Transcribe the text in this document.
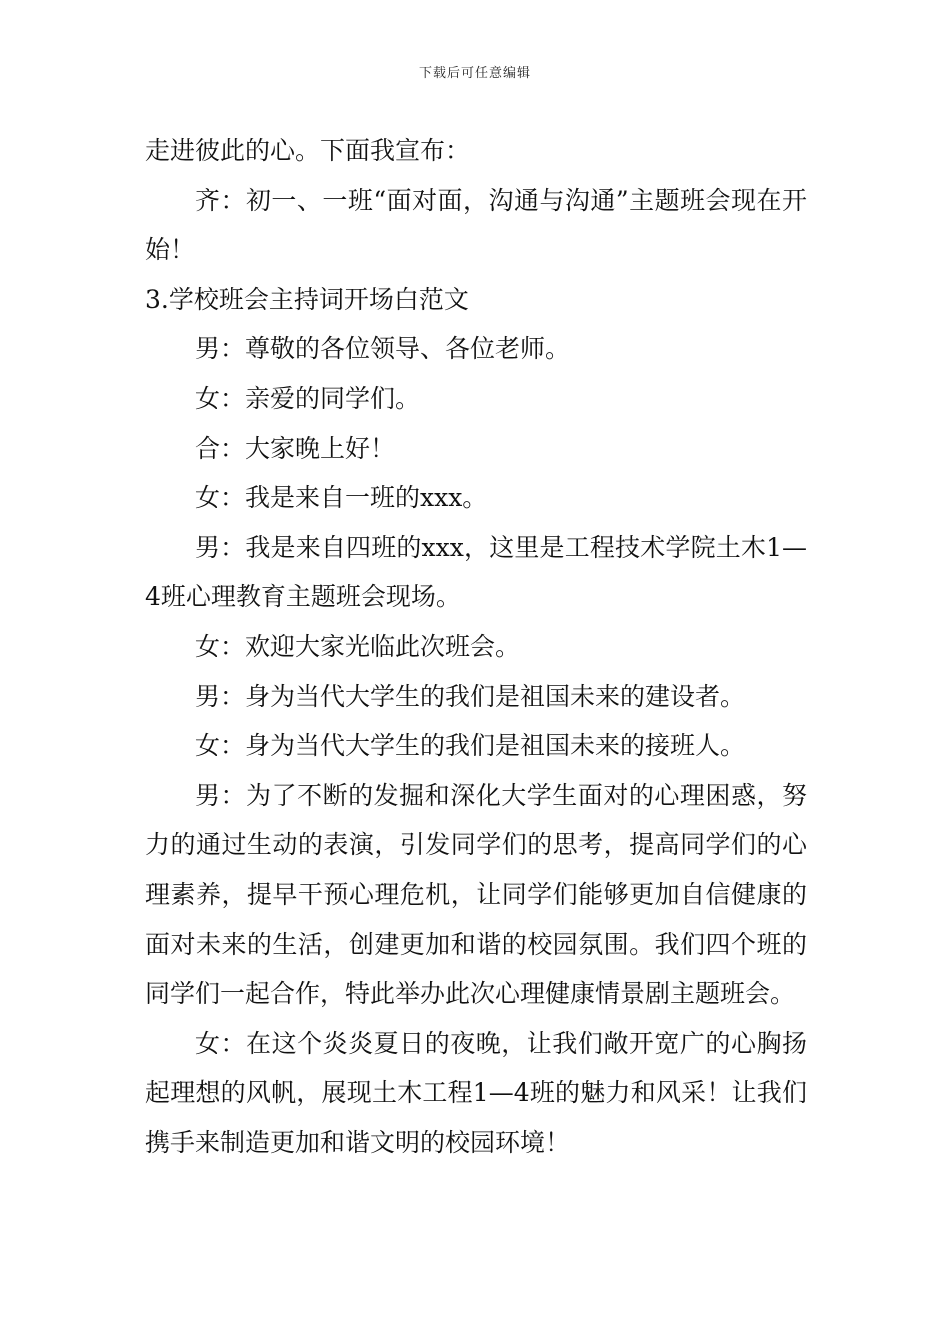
下载后可任意编辑

走进彼此的心。下面我宣布：

齐：初一、一班“面对面，沟通与沟通”主题班会现在开始！

3.学校班会主持词开场白范文

男：尊敬的各位领导、各位老师。

女：亲爱的同学们。

合：大家晚上好！

女：我是来自一班的xxx。

男：我是来自四班的xxx，这里是工程技术学院土木1—4班心理教育主题班会现场。

女：欢迎大家光临此次班会。

男：身为当代大学生的我们是祖国未来的建设者。

女：身为当代大学生的我们是祖国未来的接班人。

男：为了不断的发掘和深化大学生面对的心理困惑，努力的通过生动的表演，引发同学们的思考，提高同学们的心理素养，提早干预心理危机，让同学们能够更加自信健康的面对未来的生活，创建更加和谐的校园氛围。我们四个班的同学们一起合作，特此举办此次心理健康情景剧主题班会。

女：在这个炎炎夏日的夜晚，让我们敞开宽广的心胸扬起理想的风帆，展现土木工程1—4班的魅力和风采！让我们携手来制造更加和谐文明的校园环境！
